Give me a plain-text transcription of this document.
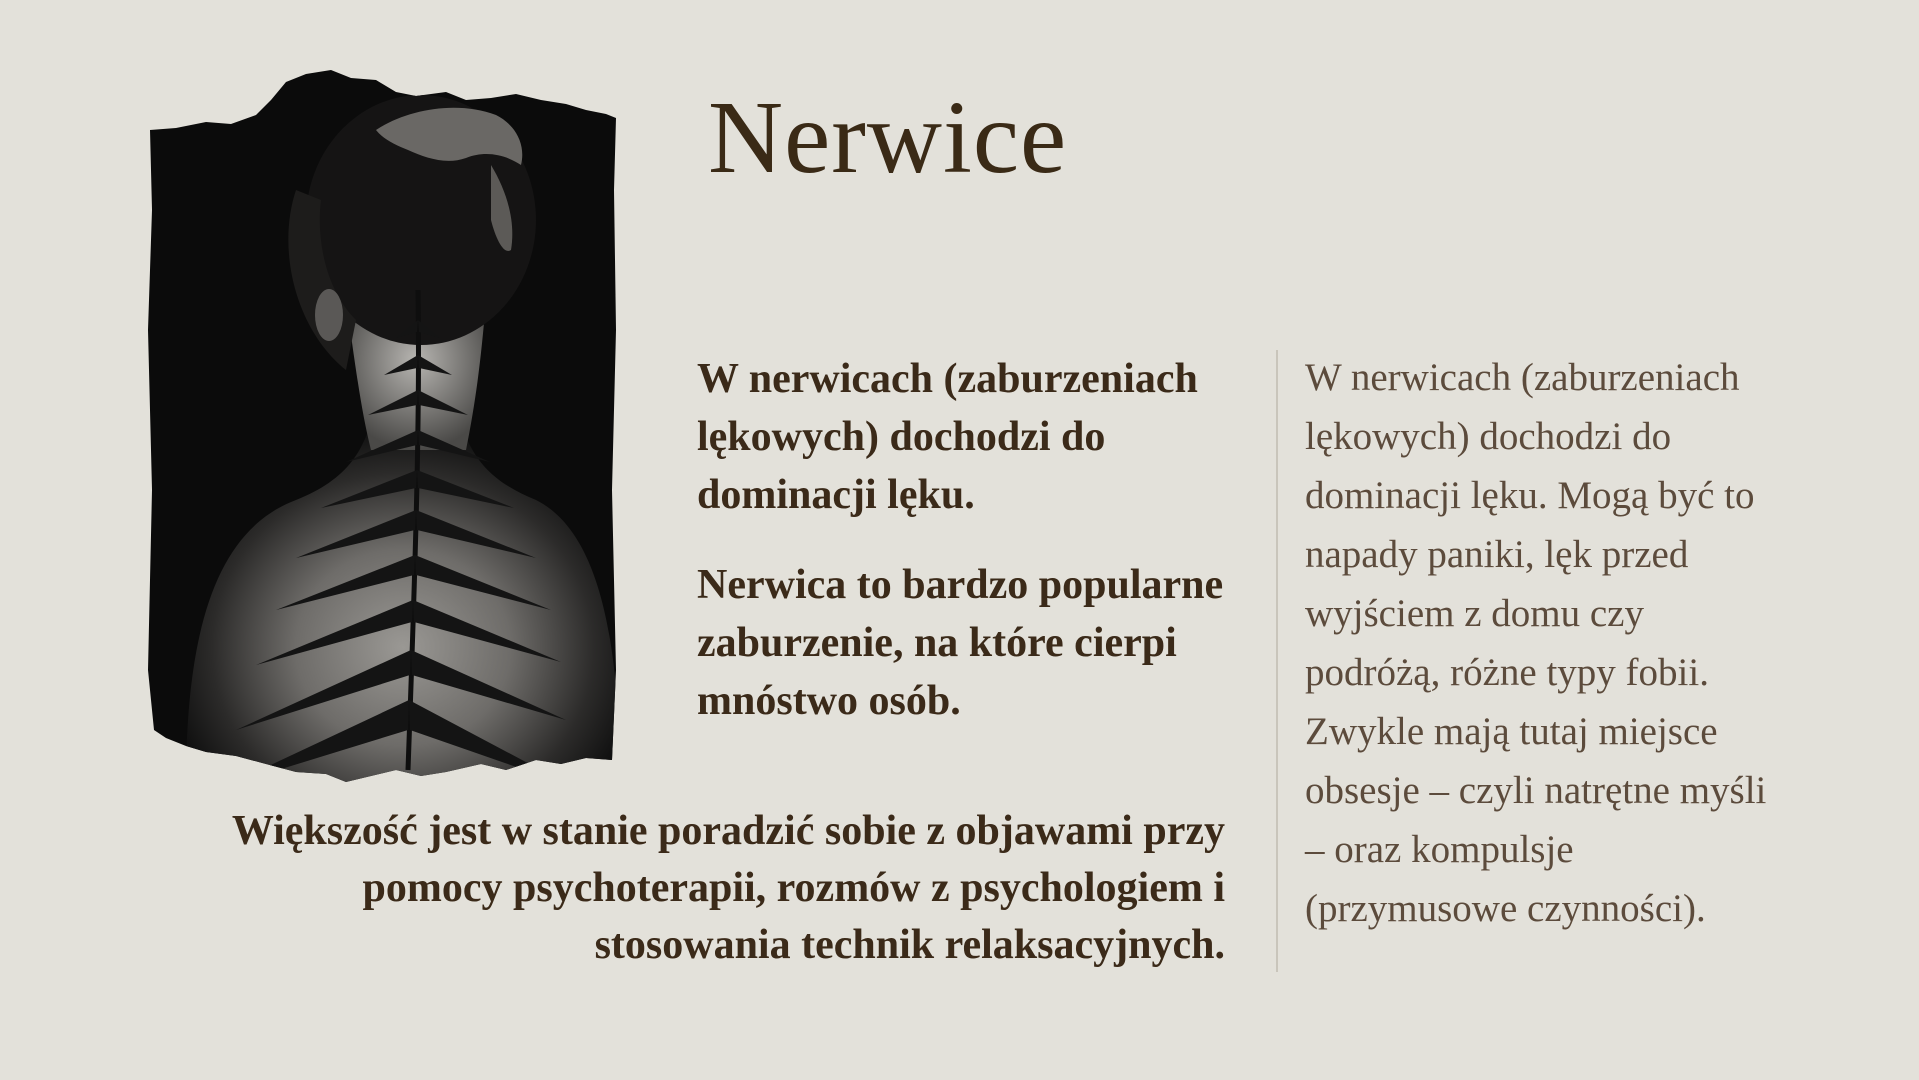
Nerwice

W nerwicach (zaburzeniach lękowych) dochodzi do dominacji lęku.

Nerwica to bardzo popularne zaburzenie, na które cierpi mnóstwo osób.

Większość jest w stanie poradzić sobie z objawami przy
pomocy psychoterapii, rozmów z psychologiem i
stosowania technik relaksacyjnych.

W nerwicach (zaburzeniach
lękowych) dochodzi do
dominacji lęku. Mogą być to
napady paniki, lęk przed
wyjściem z domu czy
podróżą, różne typy fobii.
Zwykle mają tutaj miejsce
obsesje – czyli natrętne myśli
– oraz kompulsje
(przymusowe czynności).
